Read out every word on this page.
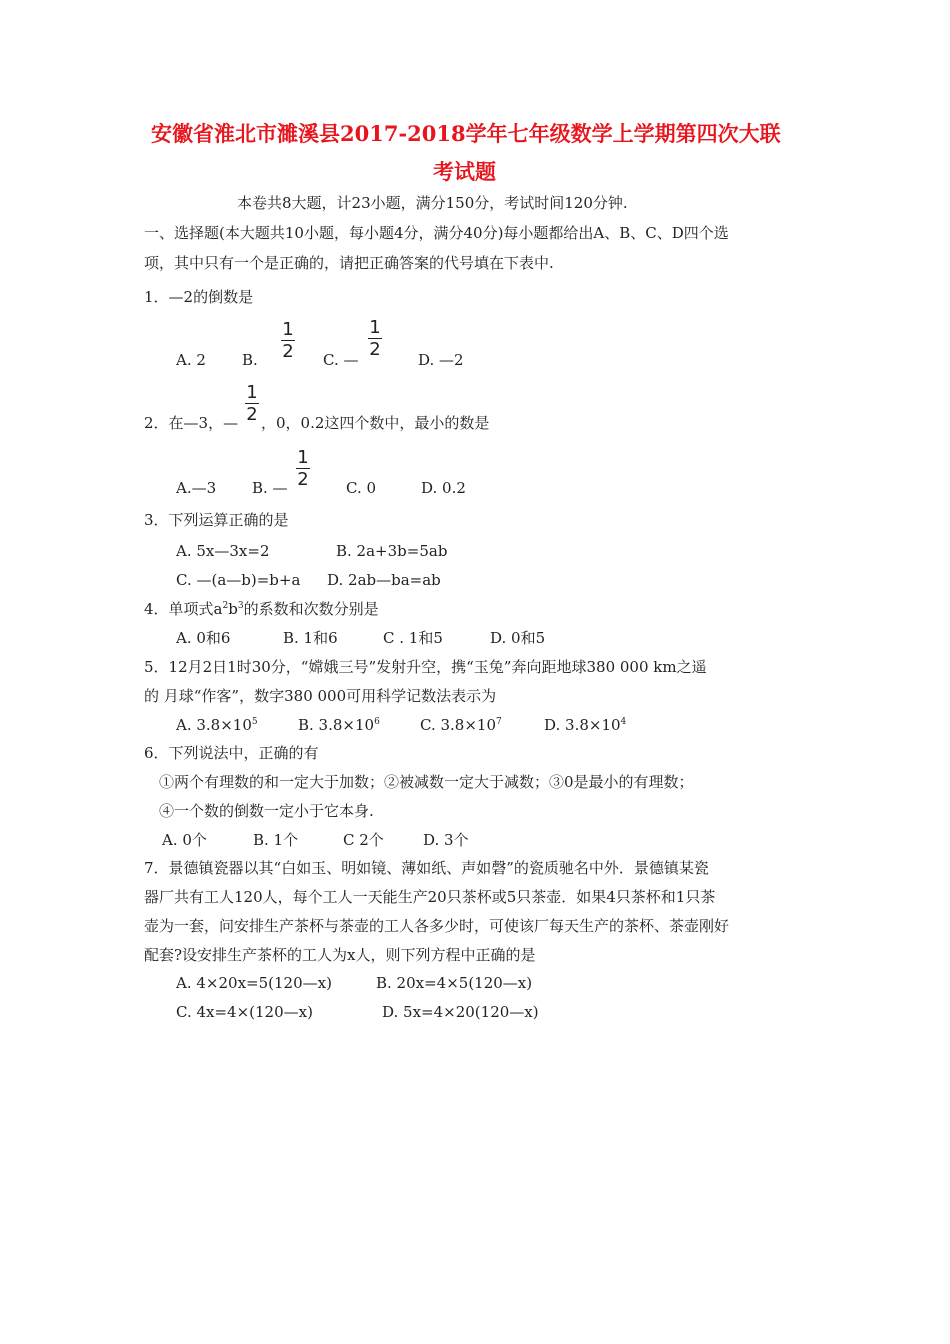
安徽省淮北市濉溪县2017-2018学年七年级数学上学期第四次大联
考试题
本卷共8大题，计23小题，满分150分，考试时间120分钟.
一、选择题(本大题共10小题，每小题4分，满分40分)每小题都给出A、B、C、D四个选
项，其中只有一个是正确的，请把正确答案的代号填在下表中.
1．—2的倒数是
1
2
1
2
A. 2 B.	C. —	D. —2
1
2
2．在—3，— ，0，0.2这四个数中，最小的数是
1
2
A.—3 B. —	C. 0	D. 0.2
3．下列运算正确的是
A. 5x—3x=2	B. 2a+3b=5ab
C. —(a—b)=b+a D. 2ab—ba=ab
4．单项式$a^2b^3$的系数和次数分别是
A. 0和6	B. 1和6	C . 1和5	D. 0和5
5．12月2日1时30分，“嫦娥三号”发射升空，携“玉兔”奔向距地球380 000 km之遥
的 月球“作客”，数字380 000可用科学记数法表示为
A. $3.8\times 10^5$	B. $3.8\times 10^6$	C. $3.8\times 10^7$	D. $3.8\times 10^4$
6．下列说法中，正确的有
①两个有理数的和一定大于加数；②被减数一定大于减数；③0是最小的有理数；
④一个数的倒数一定小于它本身.
A. 0个	B. 1个	C 2个	D. 3个
7．景德镇瓷器以其“白如玉、明如镜、薄如纸、声如磬”的瓷质驰名中外．景德镇某瓷
器厂共有工人120人，每个工人一天能生产20只茶杯或5只茶壶．如果4只茶杯和1只茶
壶为一套，问安排生产茶杯与茶壶的工人各多少时，可使该厂每天生产的茶杯、茶壶刚好
配套?设安排生产茶杯的工人为x人，则下列方程中正确的是
A. 4×20x=5(120—x)	B. 20x=4×5(120—x)
C. 4x=4×(120—x)	D. 5x=4×20(120—x)
